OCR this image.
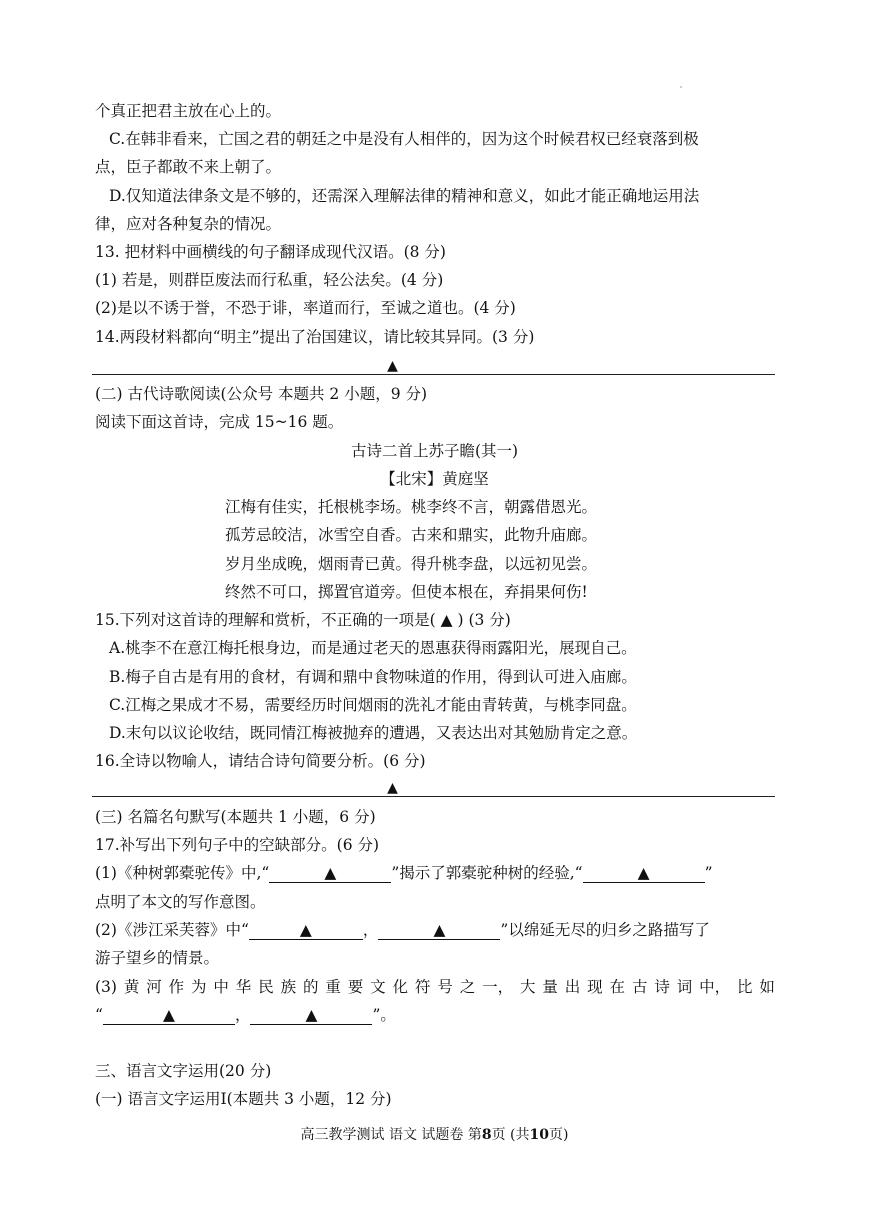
个真正把君主放在心上的。
C.在韩非看来，亡国之君的朝廷之中是没有人相伴的，因为这个时候君权已经衰落到极
点，臣子都敢不来上朝了。
D.仅知道法律条文是不够的，还需深入理解法律的精神和意义，如此才能正确地运用法
律，应对各种复杂的情况。
13. 把材料中画横线的句子翻译成现代汉语。(8 分)
(1) 若是，则群臣废法而行私重，轻公法矣。(4 分)
(2)是以不诱于誉，不恐于诽，率道而行，至诚之道也。(4 分)
14.两段材料都向“明主”提出了治国建议，请比较其异同。(3 分)
▲
(二) 古代诗歌阅读(公众号 本题共 2 小题，9 分)
阅读下面这首诗，完成 15~16 题。
古诗二首上苏子瞻(其一)
【北宋】黄庭坚
江梅有佳实，托根桃李场。桃李终不言，朝露借恩光。
孤芳忌皎洁，冰雪空自香。古来和鼎实，此物升庙廊。
岁月坐成晚，烟雨青已黄。得升桃李盘，以远初见尝。
终然不可口，掷置官道旁。但使本根在，弃捐果何伤!
15.下列对这首诗的理解和赏析，不正确的一项是( ▲ ) (3 分)
A.桃李不在意江梅托根身边，而是通过老天的恩惠获得雨露阳光，展现自己。
B.梅子自古是有用的食材，有调和鼎中食物味道的作用，得到认可进入庙廊。
C.江梅之果成才不易，需要经历时间烟雨的洗礼才能由青转黄，与桃李同盘。
D.末句以议论收结，既同情江梅被抛弃的遭遇，又表达出对其勉励肯定之意。
16.全诗以物喻人，请结合诗句简要分析。(6 分)
▲
(三) 名篇名句默写(本题共 1 小题，6 分)
17.补写出下列句子中的空缺部分。(6 分)
(1)《种树郭橐驼传》中,“	▲	”揭示了郭橐驼种树的经验,“	▲	”
点明了本文的写作意图。
(2)《涉江采芙蓉》中“	▲	，	▲	”以绵延无尽的归乡之路描写了
游子望乡的情景。
(3) 黄 河 作 为 中 华 民 族 的 重 要 文 化 符 号 之 一， 大 量 出 现 在 古 诗 词 中， 比 如
“	▲	，	▲	”。
三、语言文字运用(20 分)
(一) 语言文字运用Ⅰ(本题共 3 小题，12 分)
高三教学测试 语文 试题卷 第8页 (共10页)
